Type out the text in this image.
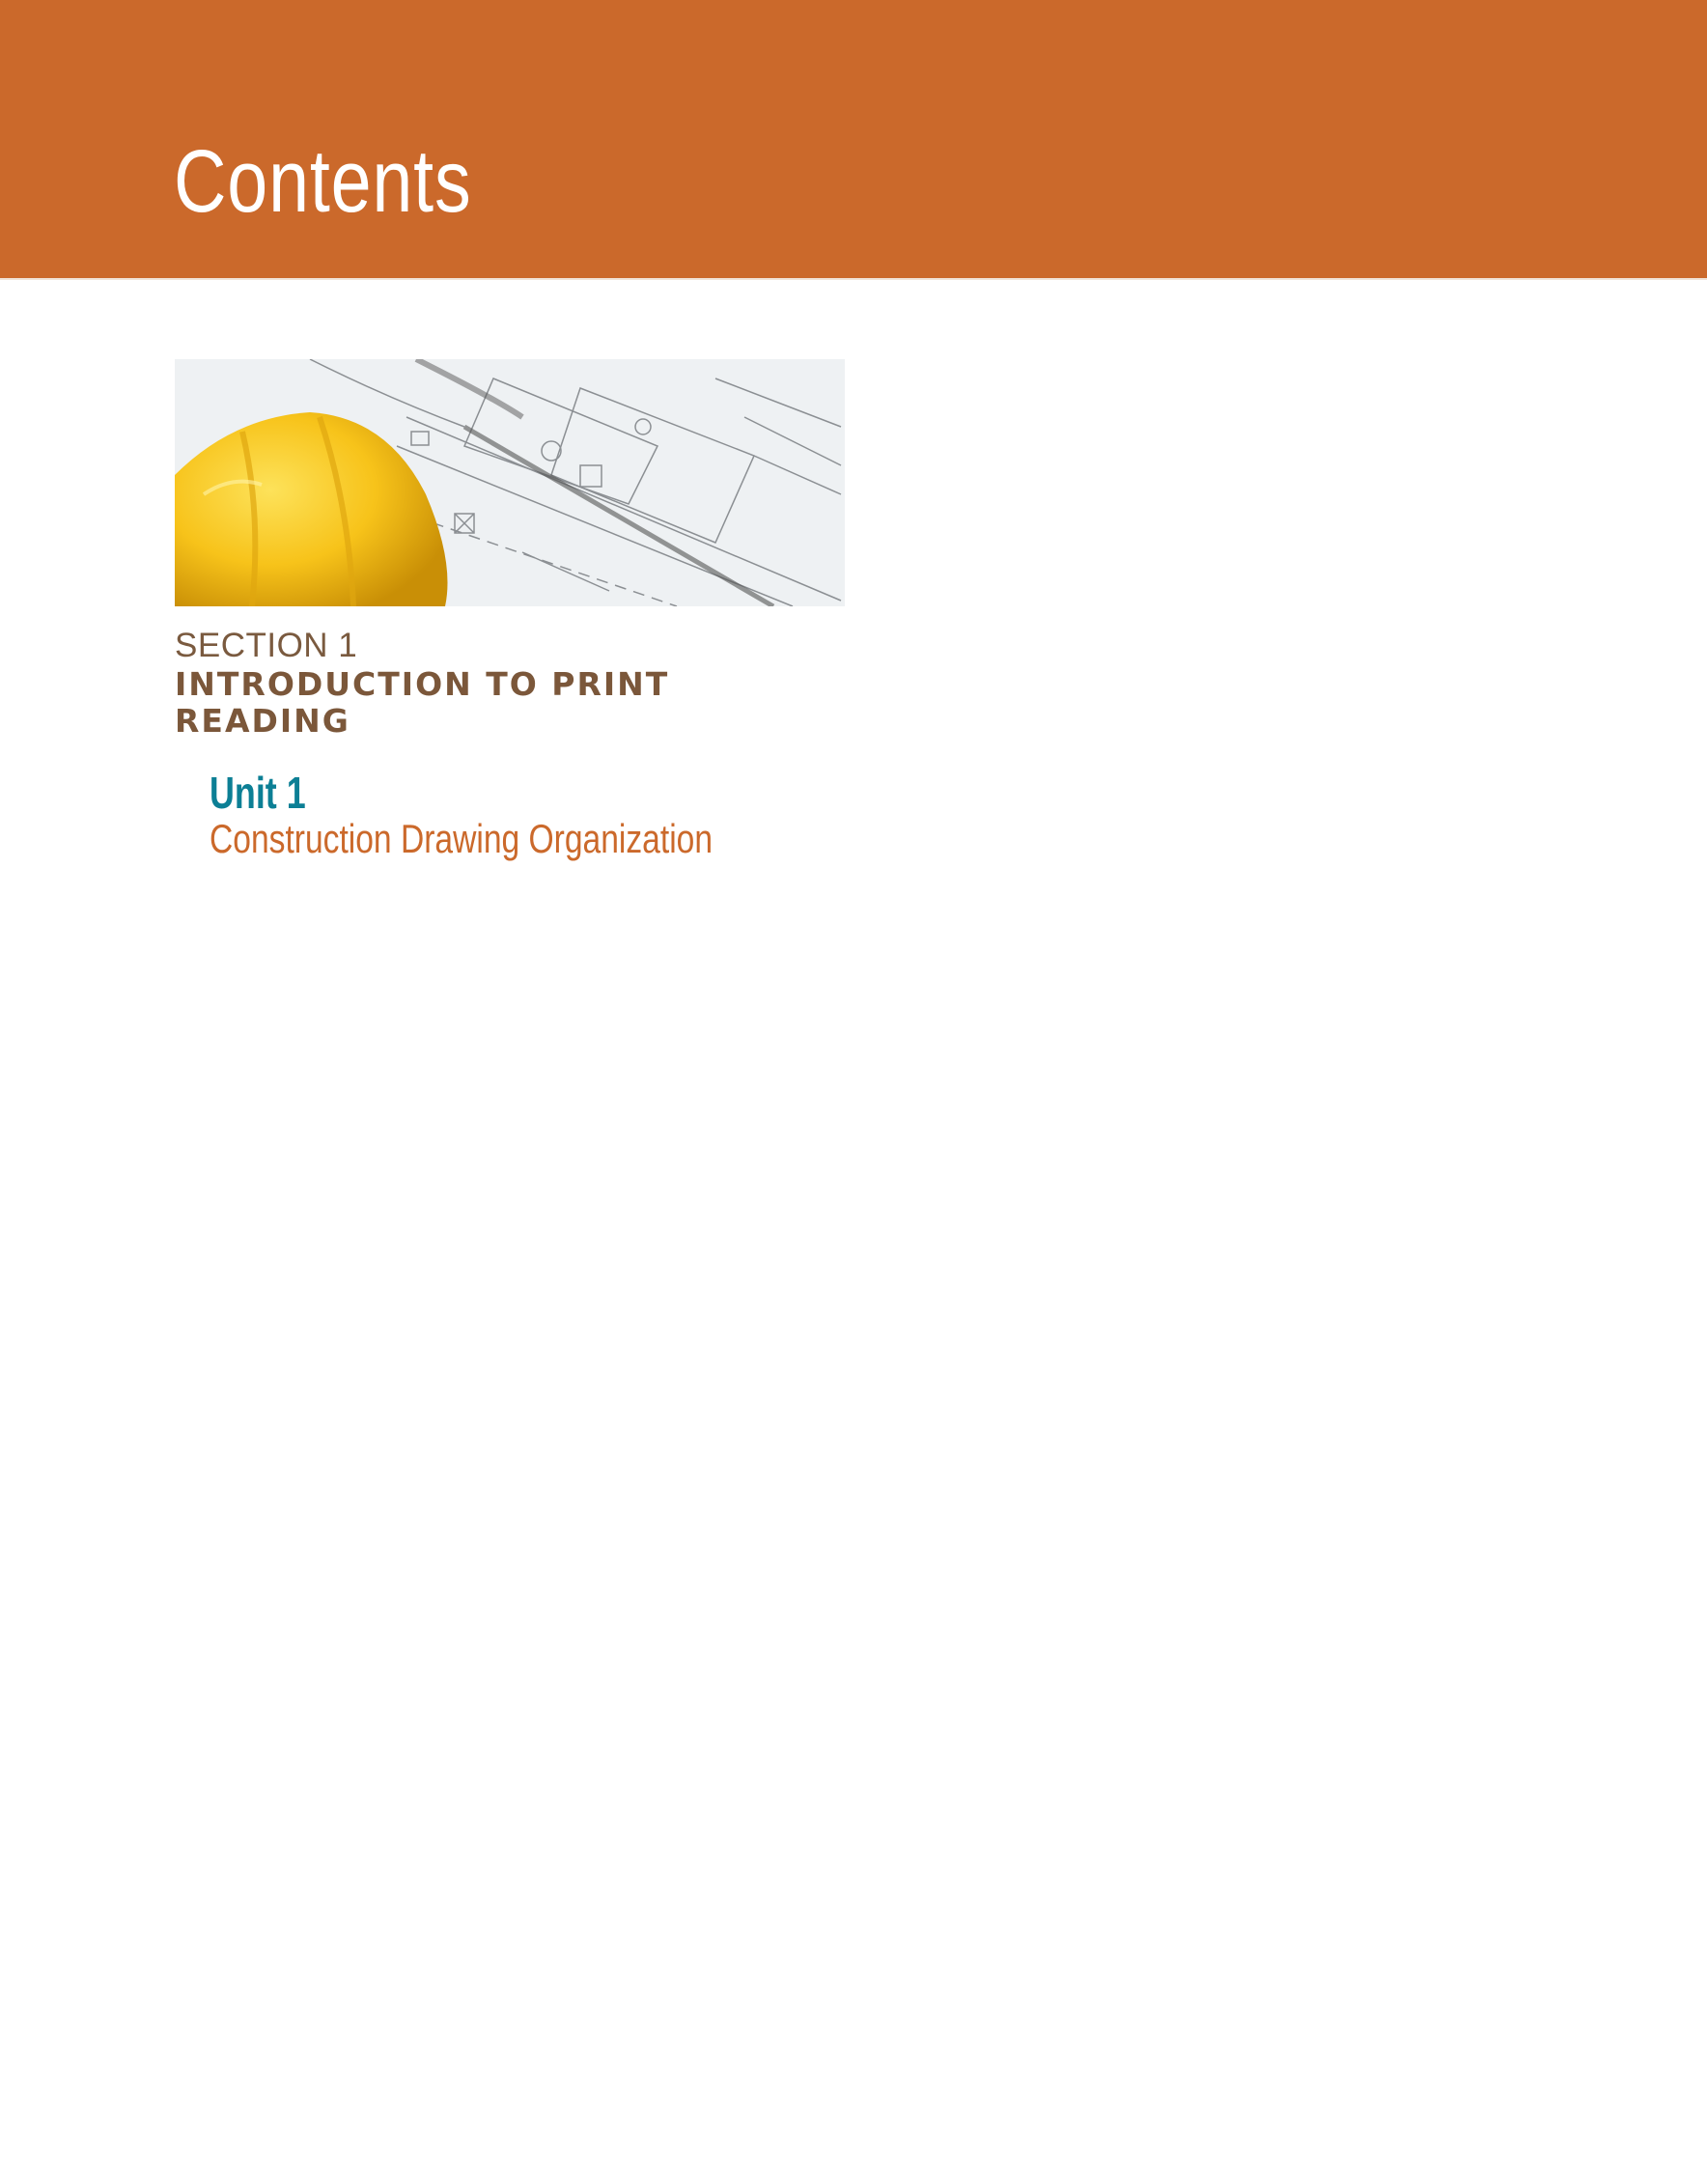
Contents
SECTION 1
INTRODUCTION TO PRINT
READING
Unit 1
Construction Drawing Organization
